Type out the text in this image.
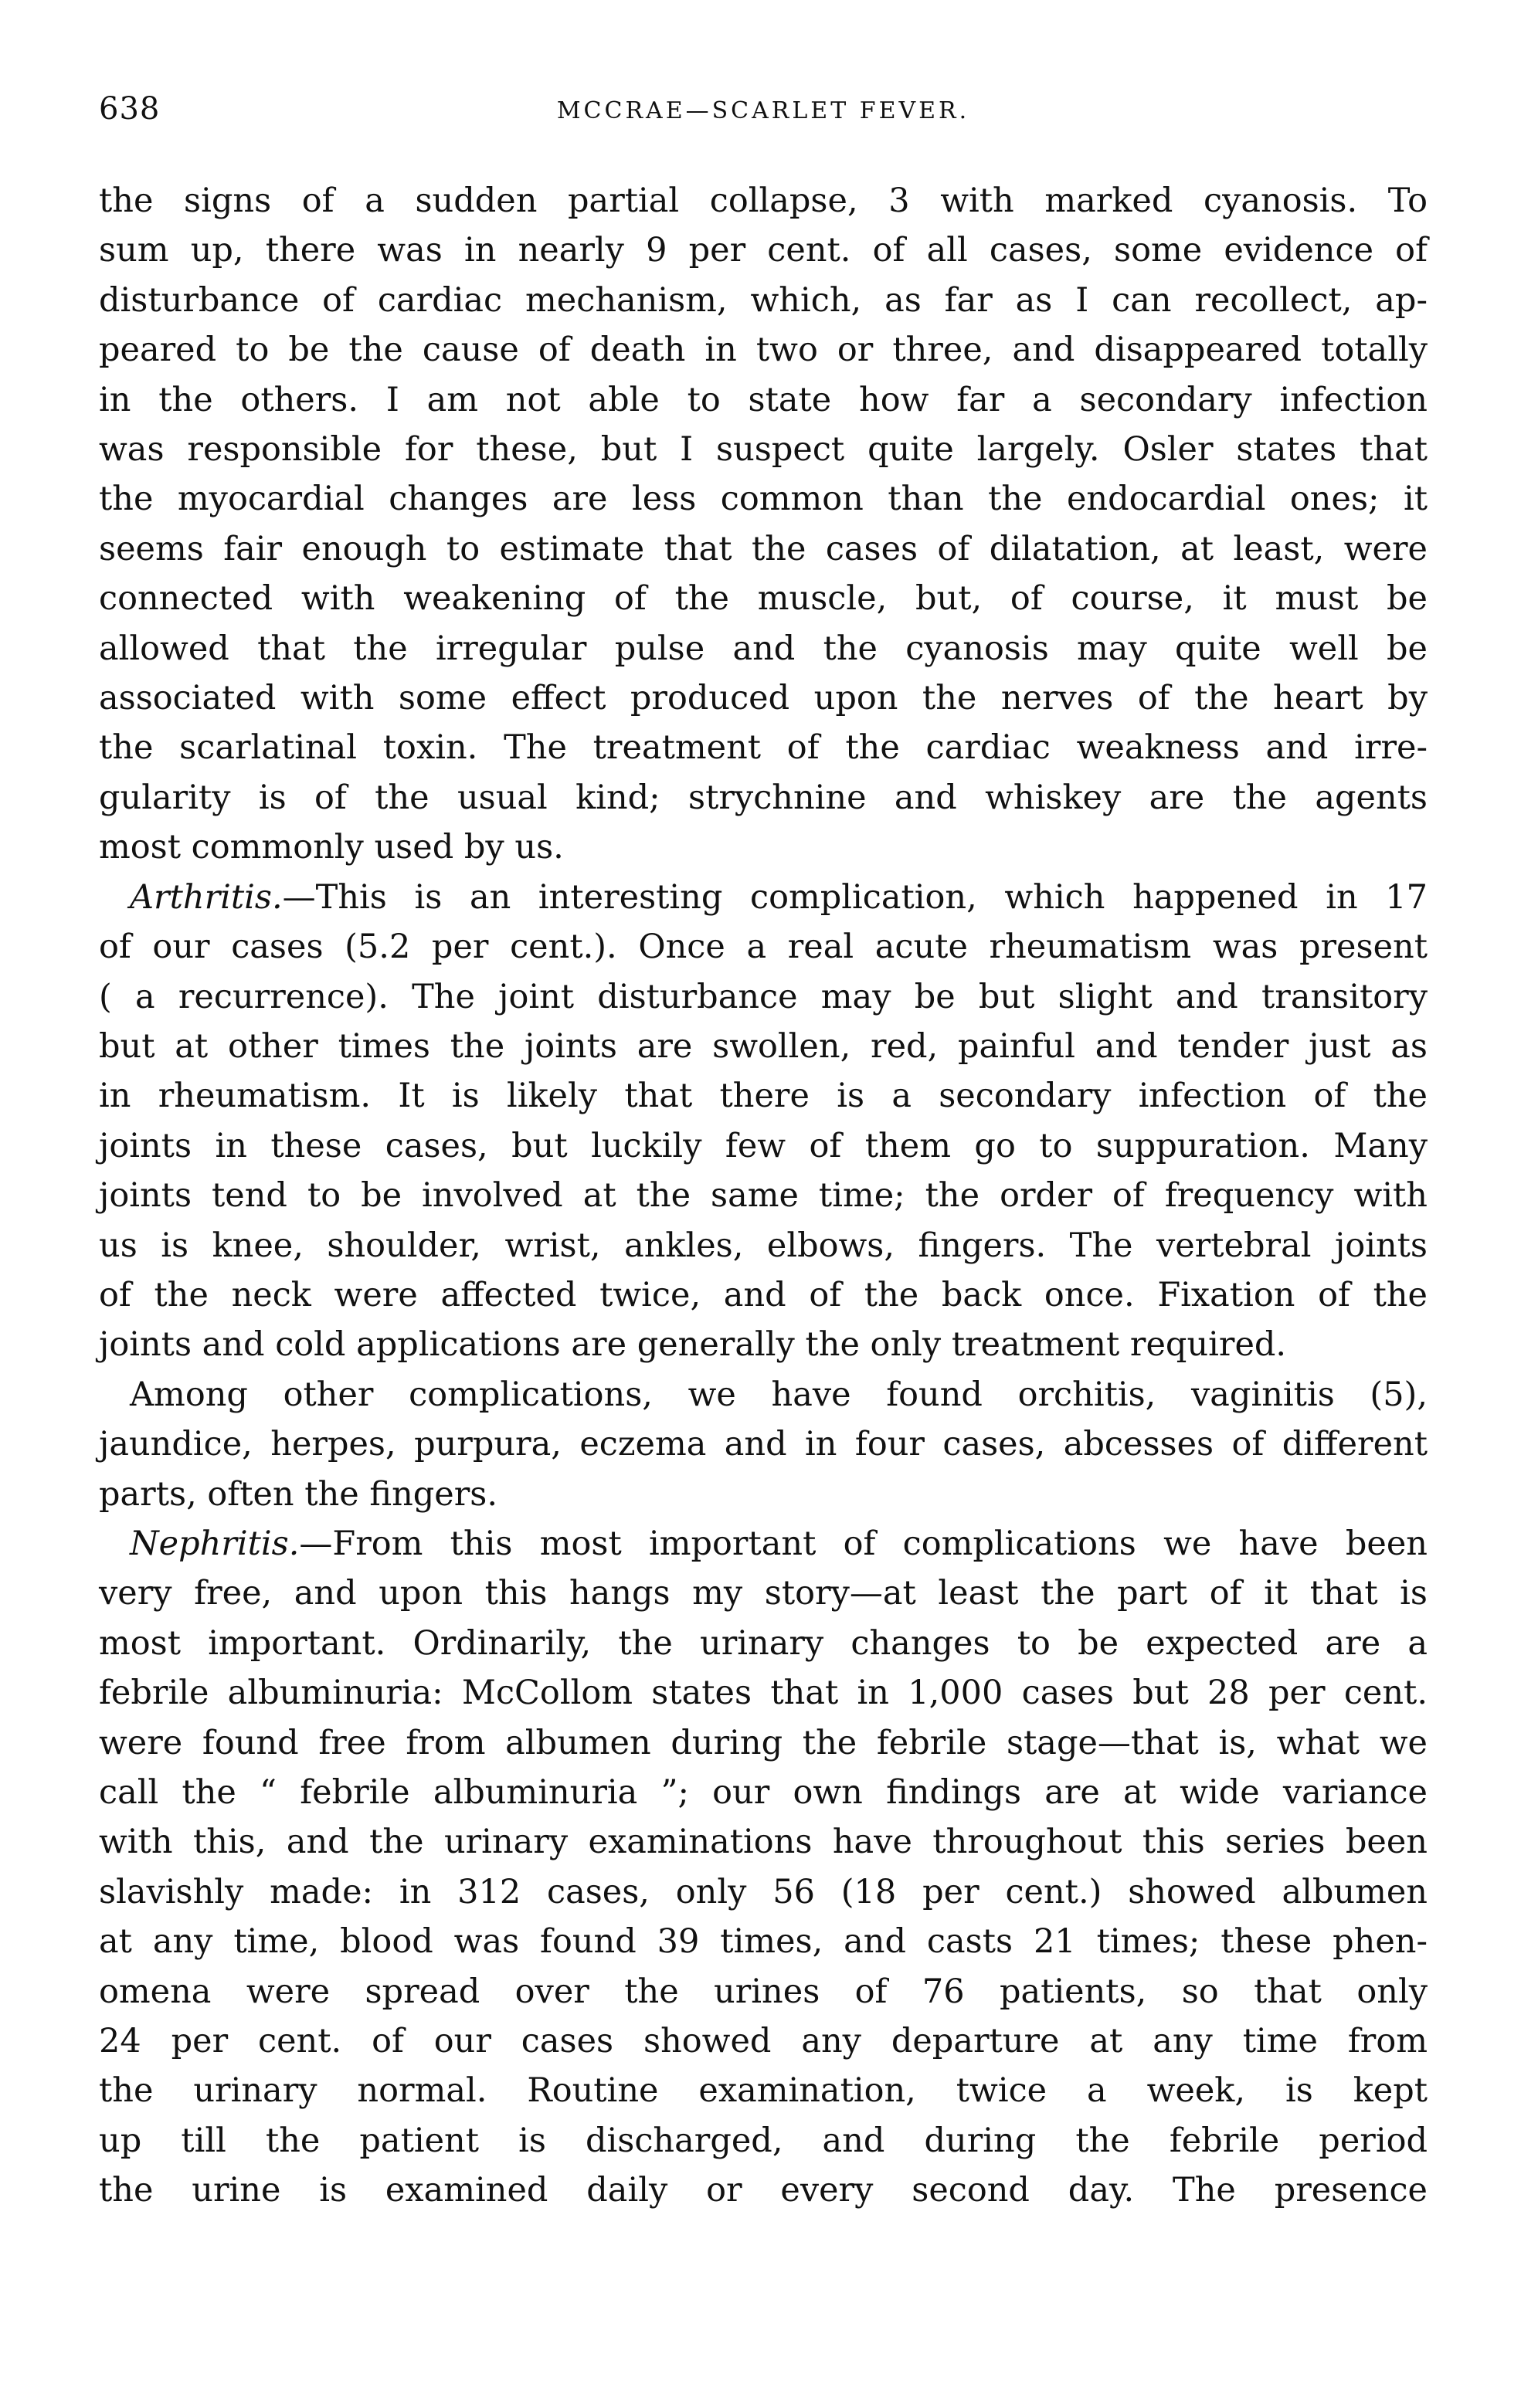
638	MCCRAE—SCARLET FEVER.
the signs of a sudden partial collapse, 3 with marked cyanosis. To
sum up, there was in nearly 9 per cent. of all cases, some evidence of
disturbance of cardiac mechanism, which, as far as I can recollect, ap-
peared to be the cause of death in two or three, and disappeared totally
in the others. I am not able to state how far a secondary infection
was responsible for these, but I suspect quite largely. Osler states that
the myocardial changes are less common than the endocardial ones; it
seems fair enough to estimate that the cases of dilatation, at least, were
connected with weakening of the muscle, but, of course, it must be
allowed that the irregular pulse and the cyanosis may quite well be
associated with some effect produced upon the nerves of the heart by
the scarlatinal toxin. The treatment of the cardiac weakness and irre-
gularity is of the usual kind; strychnine and whiskey are the agents
most commonly used by us.
Arthritis.—This is an interesting complication, which happened in 17
of our cases (5.2 per cent.). Once a real acute rheumatism was present
( a recurrence). The joint disturbance may be but slight and transitory
but at other times the joints are swollen, red, painful and tender just as
in rheumatism. It is likely that there is a secondary infection of the
joints in these cases, but luckily few of them go to suppuration. Many
joints tend to be involved at the same time; the order of frequency with
us is knee, shoulder, wrist, ankles, elbows, fingers. The vertebral joints
of the neck were affected twice, and of the back once. Fixation of the
joints and cold applications are generally the only treatment required.
Among other complications, we have found orchitis, vaginitis (5),
jaundice, herpes, purpura, eczema and in four cases, abcesses of different
parts, often the fingers.
Nephritis.—From this most important of complications we have been
very free, and upon this hangs my story—at least the part of it that is
most important. Ordinarily, the urinary changes to be expected are a
febrile albuminuria: McCollom states that in 1,000 cases but 28 per cent.
were found free from albumen during the febrile stage—that is, what we
call the “ febrile albuminuria ”; our own findings are at wide variance
with this, and the urinary examinations have throughout this series been
slavishly made: in 312 cases, only 56 (18 per cent.) showed albumen
at any time, blood was found 39 times, and casts 21 times; these phen-
omena were spread over the urines of 76 patients, so that only
24 per cent. of our cases showed any departure at any time from
the urinary normal. Routine examination, twice a week, is kept
up till the patient is discharged, and during the febrile period
the urine is examined daily or every second day. The presence
